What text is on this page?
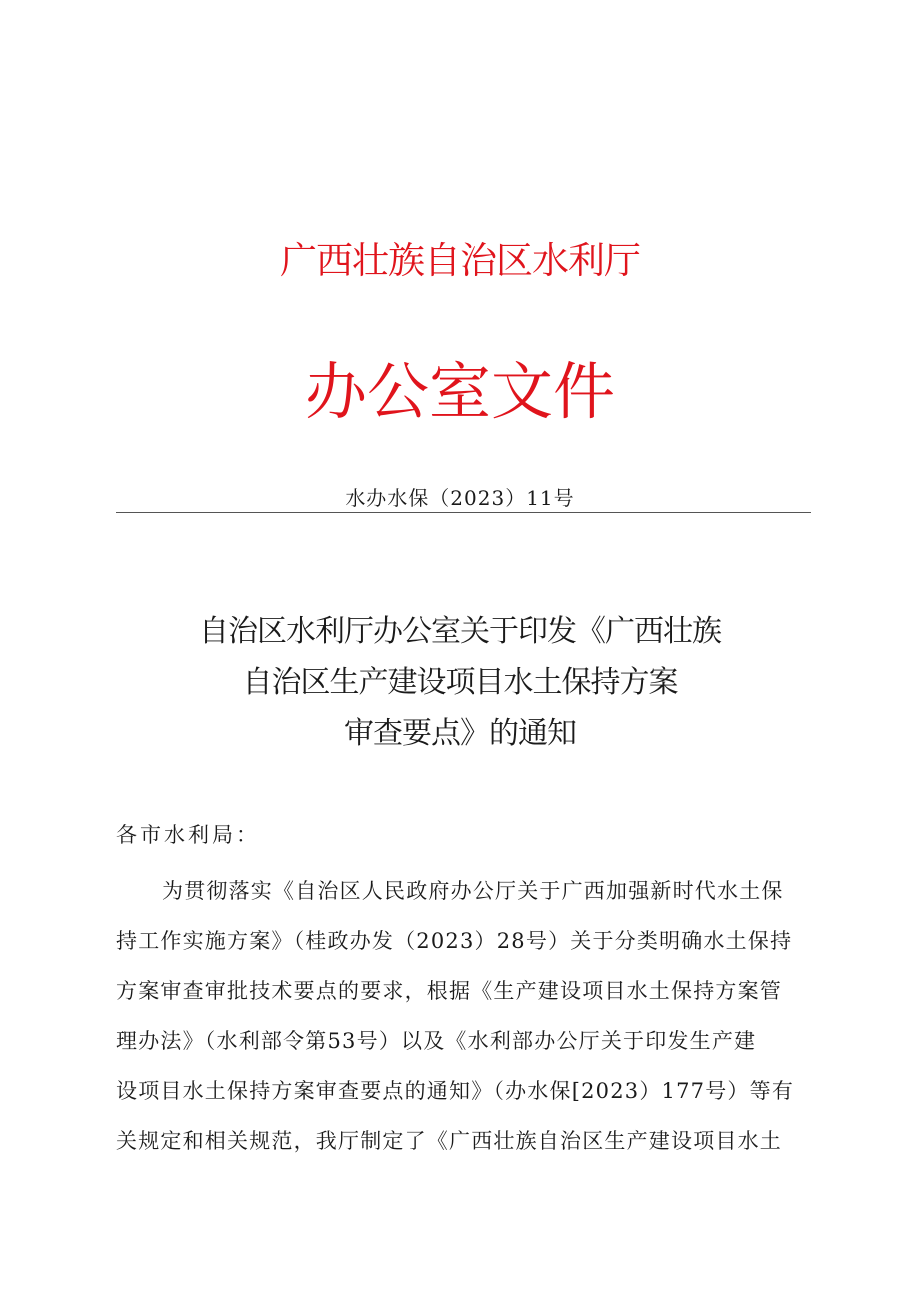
广西壮族自治区水利厅
办公室文件
水办水保（2023）11号
自治区水利厅办公室关于印发《广西壮族
自治区生产建设项目水土保持方案
审查要点》的通知
各市水利局：
为贯彻落实《自治区人民政府办公厅关于广西加强新时代水土保
持工作实施方案》（桂政办发（2023）28号）关于分类明确水土保持
方案审查审批技术要点的要求，根据《生产建设项目水土保持方案管
理办法》（水利部令第53号）以及《水利部办公厅关于印发生产建
设项目水土保持方案审查要点的通知》（办水保[2023）177号）等有
关规定和相关规范，我厅制定了《广西壮族自治区生产建设项目水土
